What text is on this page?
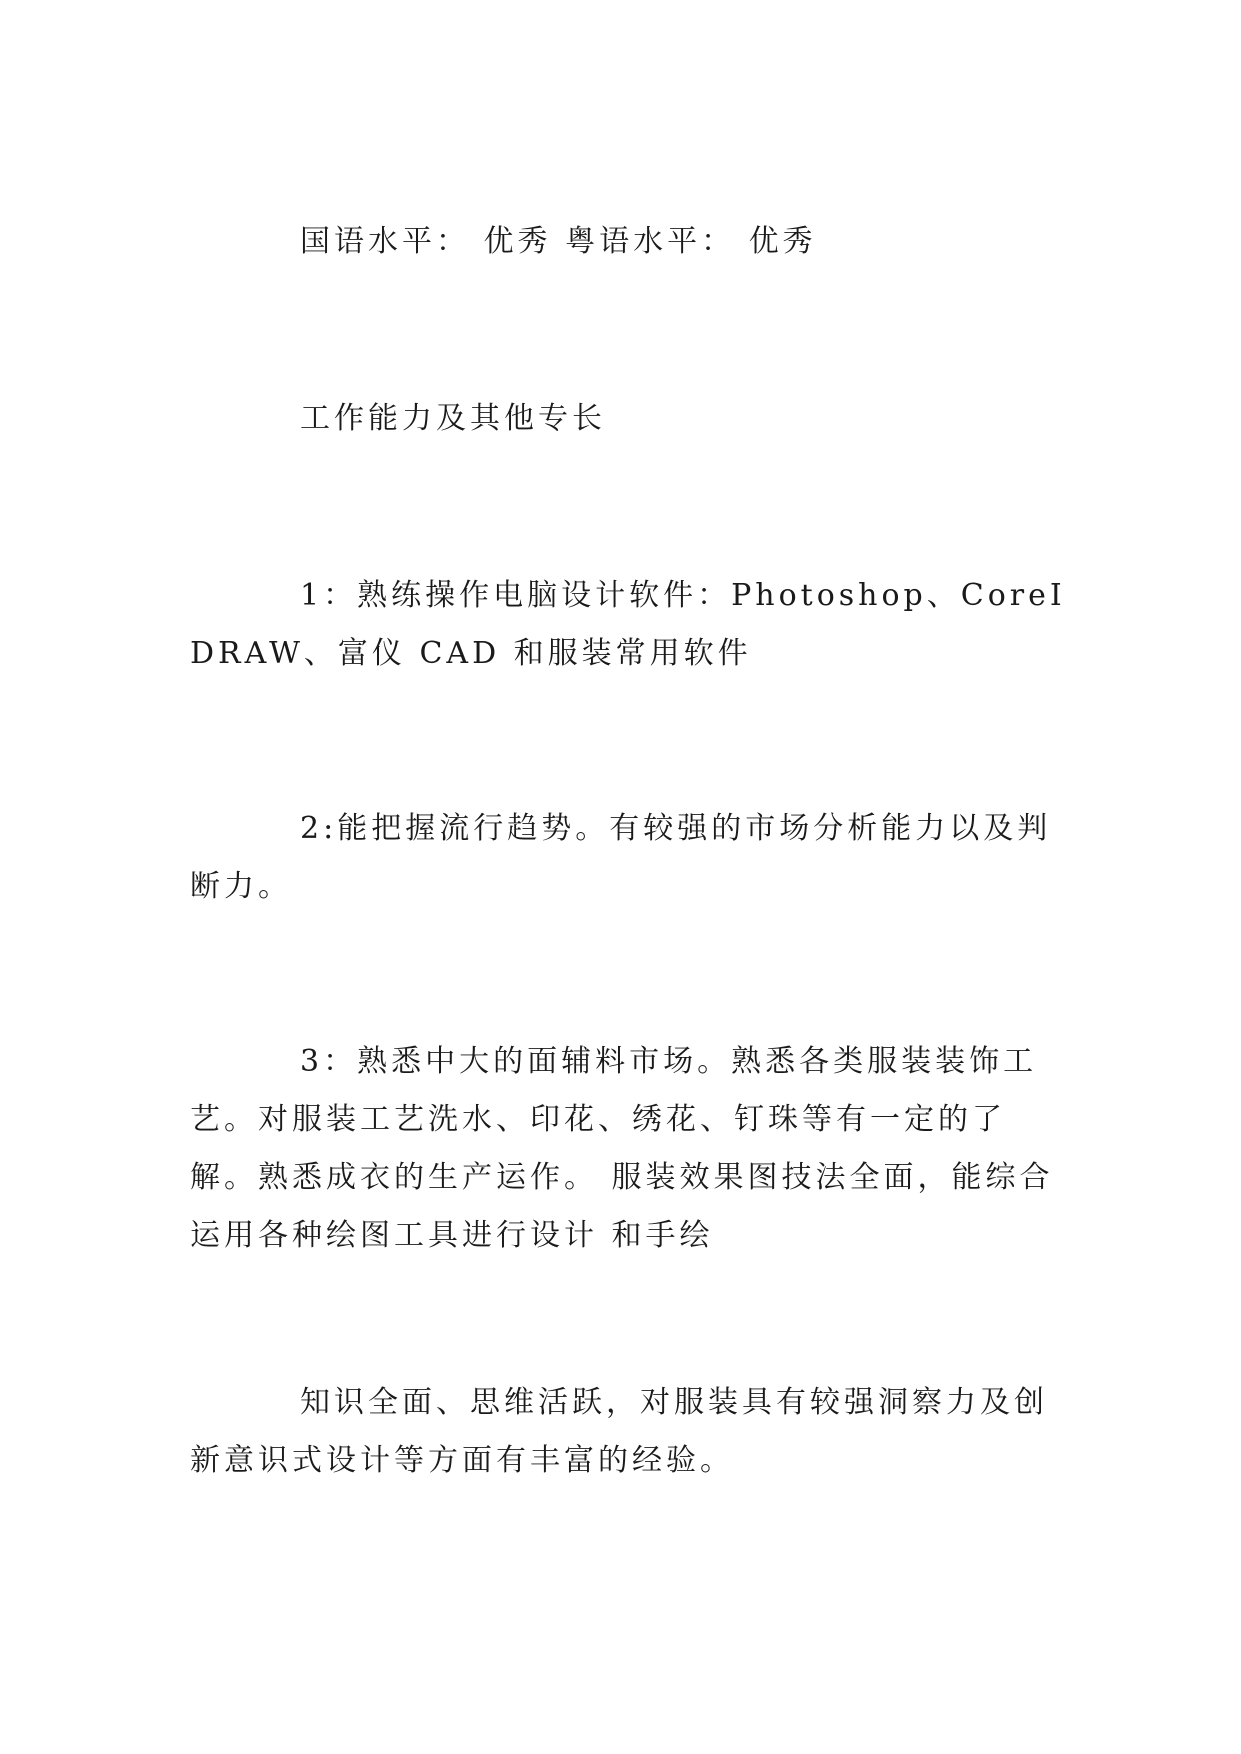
国语水平： 优秀 粤语水平： 优秀

工作能力及其他专长

1：熟练操作电脑设计软件：Photoshop、CoreIDRAW、富仪 CAD 和服装常用软件

2:能把握流行趋势。有较强的市场分析能力以及判断力。

3：熟悉中大的面辅料市场。熟悉各类服装装饰工艺。对服装工艺洗水、印花、绣花、钉珠等有一定的了解。熟悉成衣的生产运作。 服装效果图技法全面，能综合运用各种绘图工具进行设计 和手绘

知识全面、思维活跃，对服装具有较强洞察力及创新意识式设计等方面有丰富的经验。
